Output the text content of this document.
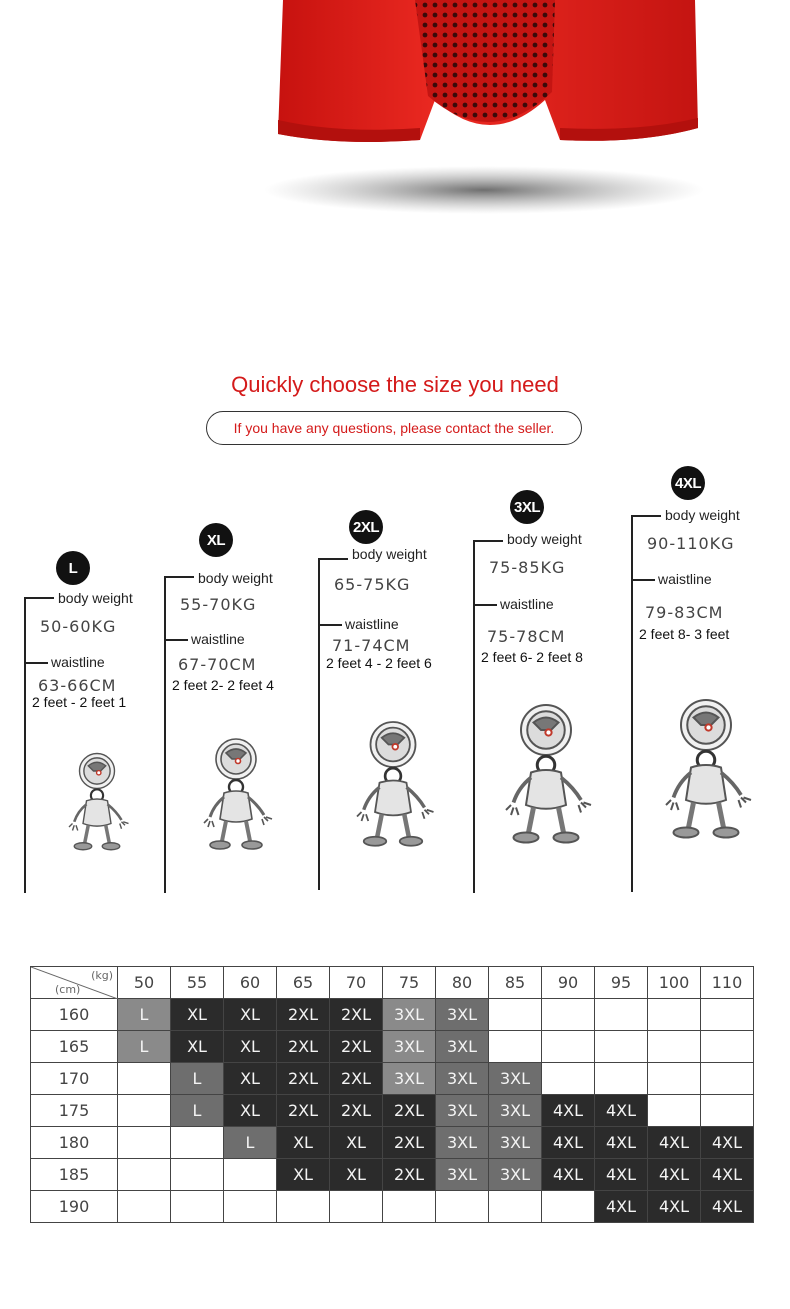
Quickly choose the size you need
If you have any questions, please contact the seller.
L
body weight
50-60KG
waistline
63-66CM
2 feet - 2 feet 1
XL
body weight
55-70KG
waistline
67-70CM
2 feet 2- 2 feet 4
2XL
body weight
65-75KG
waistline
71-74CM
2 feet 4 - 2 feet 6
3XL
body weight
75-85KG
waistline
75-78CM
2 feet 6- 2 feet 8
4XL
body weight
90-110KG
waistline
79-83CM
2 feet 8- 3 feet
(kg)
(cm)	50	55	60	65	70	75	80	85	90	95	100	110
160	L	XL	XL	2XL	2XL	3XL	3XL					
165	L	XL	XL	2XL	2XL	3XL	3XL					
170		L	XL	2XL	2XL	3XL	3XL	3XL				
175		L	XL	2XL	2XL	2XL	3XL	3XL	4XL	4XL		
180			L	XL	XL	2XL	3XL	3XL	4XL	4XL	4XL	4XL
185				XL	XL	2XL	3XL	3XL	4XL	4XL	4XL	4XL
190										4XL	4XL	4XL
